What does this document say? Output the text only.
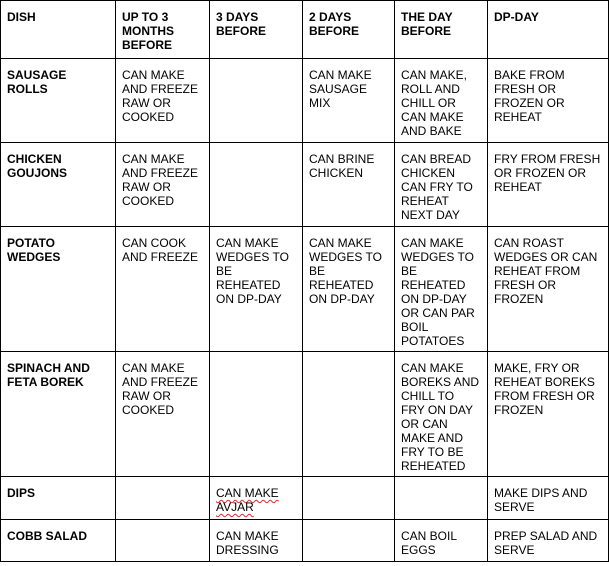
DISH	UP TO 3 MONTHS BEFORE	3 DAYS BEFORE	2 DAYS BEFORE	THE DAY BEFORE	DP-DAY
SAUSAGE ROLLS	CAN MAKE AND FREEZE RAW OR COOKED		CAN MAKE SAUSAGE MIX	CAN MAKE, ROLL AND CHILL OR CAN MAKE AND BAKE	BAKE FROM FRESH OR FROZEN OR REHEAT
CHICKEN GOUJONS	CAN MAKE AND FREEZE RAW OR COOKED		CAN BRINE CHICKEN	CAN BREAD CHICKEN CAN FRY TO REHEAT NEXT DAY	FRY FROM FRESH OR FROZEN OR REHEAT
POTATO WEDGES	CAN COOK AND FREEZE	CAN MAKE WEDGES TO BE REHEATED ON DP-DAY	CAN MAKE WEDGES TO BE REHEATED ON DP-DAY	CAN MAKE WEDGES TO BE REHEATED ON DP-DAY OR CAN PAR BOIL POTATOES	CAN ROAST WEDGES OR CAN REHEAT FROM FRESH OR FROZEN
SPINACH AND FETA BOREK	CAN MAKE AND FREEZE RAW OR COOKED			CAN MAKE BOREKS AND CHILL TO FRY ON DAY OR CAN MAKE AND FRY TO BE REHEATED	MAKE, FRY OR REHEAT BOREKS FROM FRESH OR FROZEN
DIPS		CAN MAKE AVJAR			MAKE DIPS AND SERVE
COBB SALAD		CAN MAKE DRESSING		CAN BOIL EGGS	PREP SALAD AND SERVE
